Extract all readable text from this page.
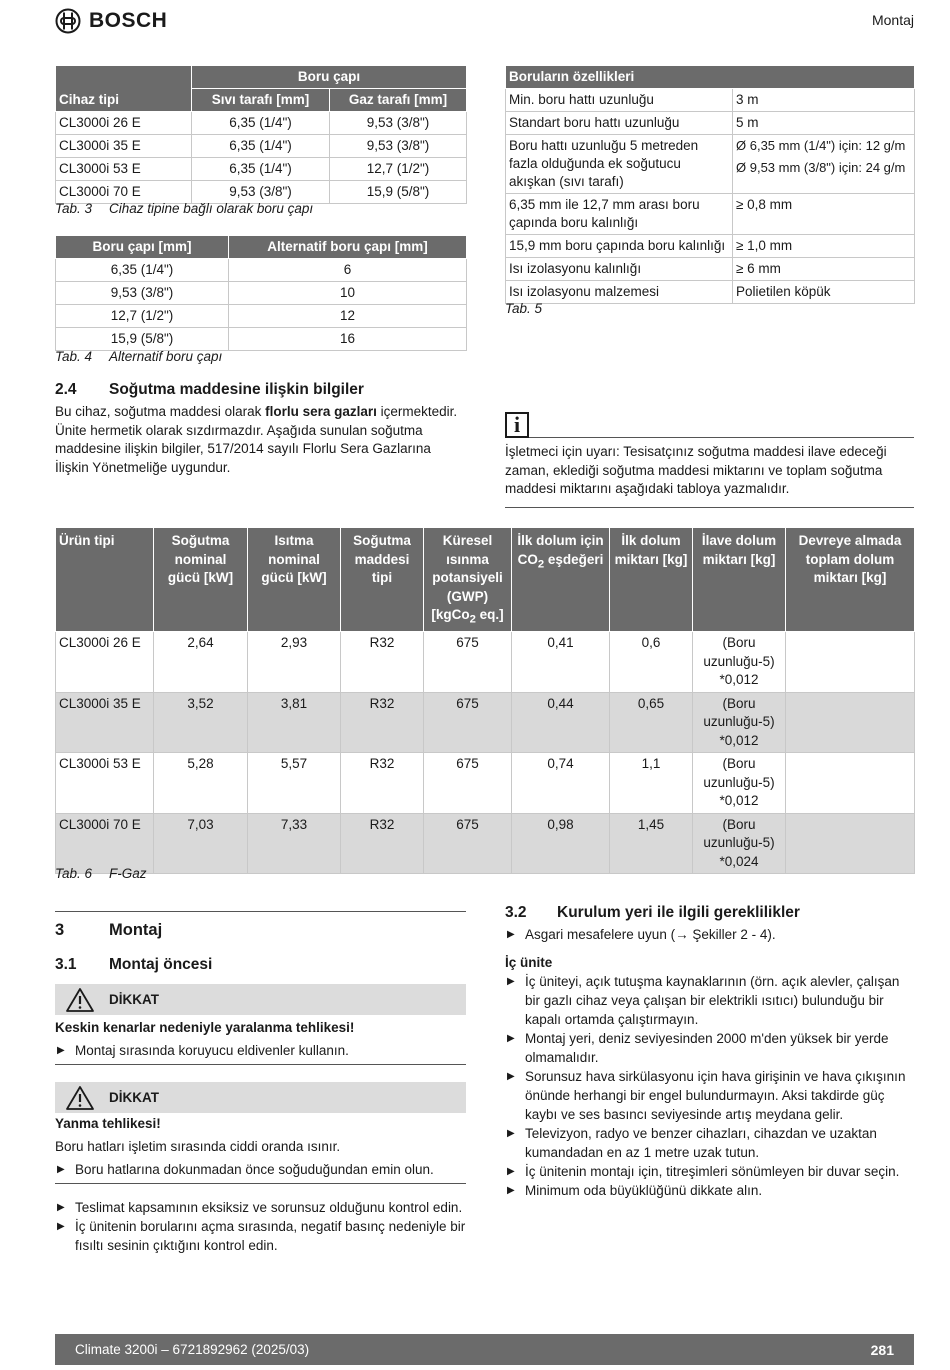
BOSCH	Montaj
	Boru çapı	
Cihaz tipi	Sıvı tarafı [mm]	Gaz tarafı [mm]
CL3000i 26 E	6,35 (1/4")	9,53 (3/8")
CL3000i 35 E	6,35 (1/4")	9,53 (3/8")
CL3000i 53 E	6,35 (1/4")	12,7 (1/2")
CL3000i 70 E	9,53 (3/8")	15,9 (5/8")
Tab. 3	Cihaz tipine bağlı olarak boru çapı
Boru çapı [mm]	Alternatif boru çapı [mm]
6,35 (1/4")	6
9,53 (3/8")	10
12,7 (1/2")	12
15,9 (5/8")	16
Tab. 4	Alternatif boru çapı
Boruların özellikleri	
Min. boru hattı uzunluğu	3 m
Standart boru hattı uzunluğu	5 m
Boru hattı uzunluğu 5 metreden fazla olduğunda ek soğutucu akışkan (sıvı tarafı)	Ø 6,35 mm (1/4") için: 12 g/m
Ø 9,53 mm (3/8") için: 24 g/m

6,35 mm ile 12,7 mm arası boru çapında boru kalınlığı	≥ 0,8 mm
15,9 mm boru çapında boru kalınlığı	≥ 1,0 mm
Isı izolasyonu kalınlığı	≥ 6 mm
Isı izolasyonu malzemesi	Polietilen köpük
Tab. 5
2.4	Soğutma maddesine ilişkin bilgiler

Bu cihaz, soğutma maddesi olarak florlu sera gazları içermektedir. Ünite hermetik olarak sızdırmazdır. Aşağıda sunulan soğutma maddesine ilişkin bilgiler, 517/2014 sayılı Florlu Sera Gazlarına İlişkin Yönetmeliğe uygundur.

i

İşletmeci için uyarı: Tesisatçınız soğutma maddesi ilave edeceği zaman, eklediği soğutma maddesi miktarını ve toplam soğutma maddesi miktarını aşağıdaki tabloya yazmalıdır.

Ürün tipi	Soğutma nominal gücü [kW]	Isıtma nominal gücü [kW]	Soğutma maddesi tipi	Küresel ısınma potansiyeli (GWP) [kgCo$_2$ eq.]	İlk dolum için $CO_2$ eşdeğeri	İlk dolum miktarı [kg]	İlave dolum miktarı [kg]	Devreye almada toplam dolum miktarı [kg]
CL3000i 26 E	2,64	2,93	R32	675	0,41	0,6	(Boru uzunluğu-5) *0,012	
CL3000i 35 E	3,52	3,81	R32	675	0,44	0,65	(Boru uzunluğu-5) *0,012	
CL3000i 53 E	5,28	5,57	R32	675	0,74	1,1	(Boru uzunluğu-5) *0,012	
CL3000i 70 E	7,03	7,33	R32	675	0,98	1,45	(Boru uzunluğu-5) *0,024	
Tab. 6	F-Gaz
3	Montaj
3.1	Montaj öncesi
DİKKAT
Keskin kenarlar nedeniyle yaralanma tehlikesi!
▶ Montaj sırasında koruyucu eldivenler kullanın.
DİKKAT
Yanma tehlikesi!
Boru hatları işletim sırasında ciddi oranda ısınır.
▶ Boru hatlarına dokunmadan önce soğuduğundan emin olun.
▶ Teslimat kapsamının eksiksiz ve sorunsuz olduğunu kontrol edin.
▶ İç ünitenin borularını açma sırasında, negatif basınç nedeniyle bir fısıltı sesinin çıktığını kontrol edin.
3.2	Kurulum yeri ile ilgili gereklilikler
▶ Asgari mesafelere uyun (→ Şekiller 2 - 4).
İç ünite
▶ İç üniteyi, açık tutuşma kaynaklarının (örn. açık alevler, çalışan bir gazlı cihaz veya çalışan bir elektrikli ısıtıcı) bulunduğu bir kapalı ortamda çalıştırmayın.
▶ Montaj yeri, deniz seviyesinden 2000 m'den yüksek bir yerde olmamalıdır.
▶ Sorunsuz hava sirkülasyonu için hava girişinin ve hava çıkışının önünde herhangi bir engel bulundurmayın. Aksi takdirde güç kaybı ve ses basıncı seviyesinde artış meydana gelir.
▶ Televizyon, radyo ve benzer cihazları, cihazdan ve uzaktan kumandadan en az 1 metre uzak tutun.
▶ İç ünitenin montajı için, titreşimleri sönümleyen bir duvar seçin.
▶ Minimum oda büyüklüğünü dikkate alın.
Climate 3200i – 6721892962 (2025/03)	281
